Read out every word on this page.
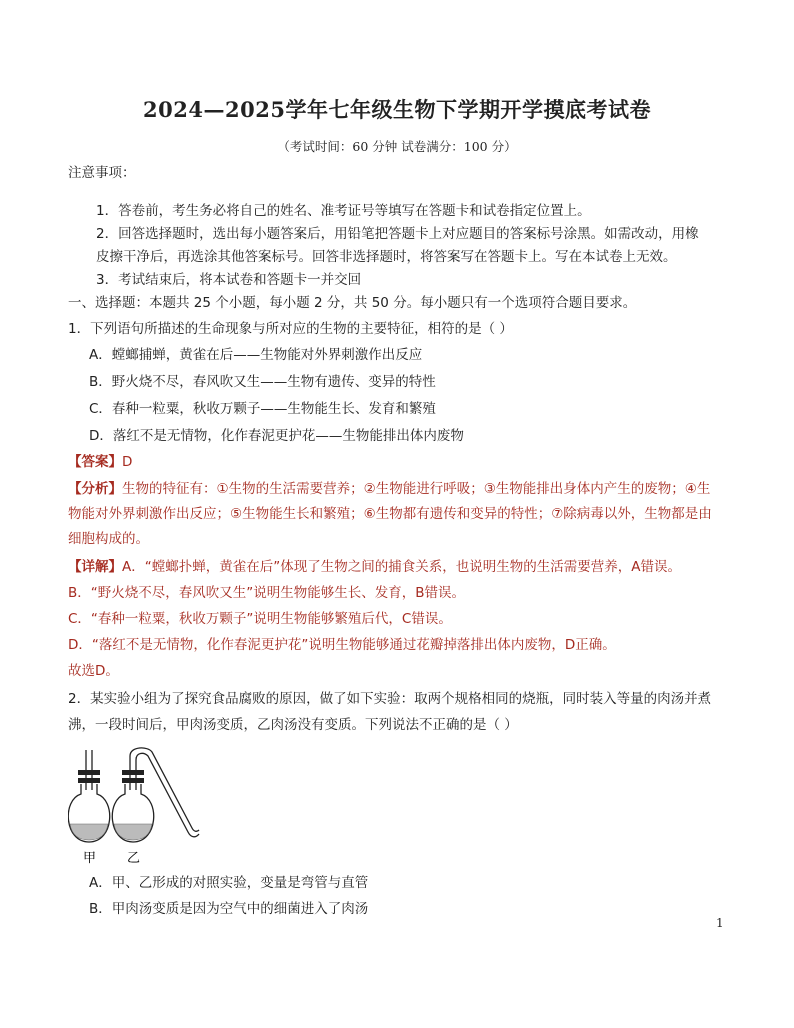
2024—2025学年七年级生物下学期开学摸底考试卷
（考试时间：60 分钟 试卷满分：100 分）
注意事项：
1．答卷前，考生务必将自己的姓名、准考证号等填写在答题卡和试卷指定位置上。
2．回答选择题时，选出每小题答案后，用铅笔把答题卡上对应题目的答案标号涂黑。如需改动，用橡
皮擦干净后，再选涂其他答案标号。回答非选择题时，将答案写在答题卡上。写在本试卷上无效。
3．考试结束后，将本试卷和答题卡一并交回
一、选择题：本题共 25 个小题，每小题 2 分，共 50 分。每小题只有一个选项符合题目要求。
1．下列语句所描述的生命现象与所对应的生物的主要特征，相符的是（ ）
A．螳螂捕蝉，黄雀在后——生物能对外界刺激作出反应
B．野火烧不尽，春风吹又生——生物有遗传、变异的特性
C．春种一粒粟，秋收万颗子——生物能生长、发育和繁殖
D．落红不是无情物，化作春泥更护花——生物能排出体内废物
【答案】D
【分析】生物的特征有：①生物的生活需要营养；②生物能进行呼吸；③生物能排出身体内产生的废物；④生
物能对外界刺激作出反应；⑤生物能生长和繁殖；⑥生物都有遗传和变异的特性；⑦除病毒以外，生物都是由
细胞构成的。
【详解】A．“螳螂扑蝉，黄雀在后”体现了生物之间的捕食关系，也说明生物的生活需要营养，A错误。
B．“野火烧不尽，春风吹又生”说明生物能够生长、发育，B错误。
C．“春种一粒粟，秋收万颗子”说明生物能够繁殖后代，C错误。
D．“落红不是无情物，化作春泥更护花”说明生物能够通过花瓣掉落排出体内废物，D正确。
故选D。
2．某实验小组为了探究食品腐败的原因，做了如下实验：取两个规格相同的烧瓶，同时装入等量的肉汤并煮
沸，一段时间后，甲肉汤变质，乙肉汤没有变质。下列说法不正确的是（ ）
甲 乙
A．甲、乙形成的对照实验，变量是弯管与直管
B．甲肉汤变质是因为空气中的细菌进入了肉汤
1
